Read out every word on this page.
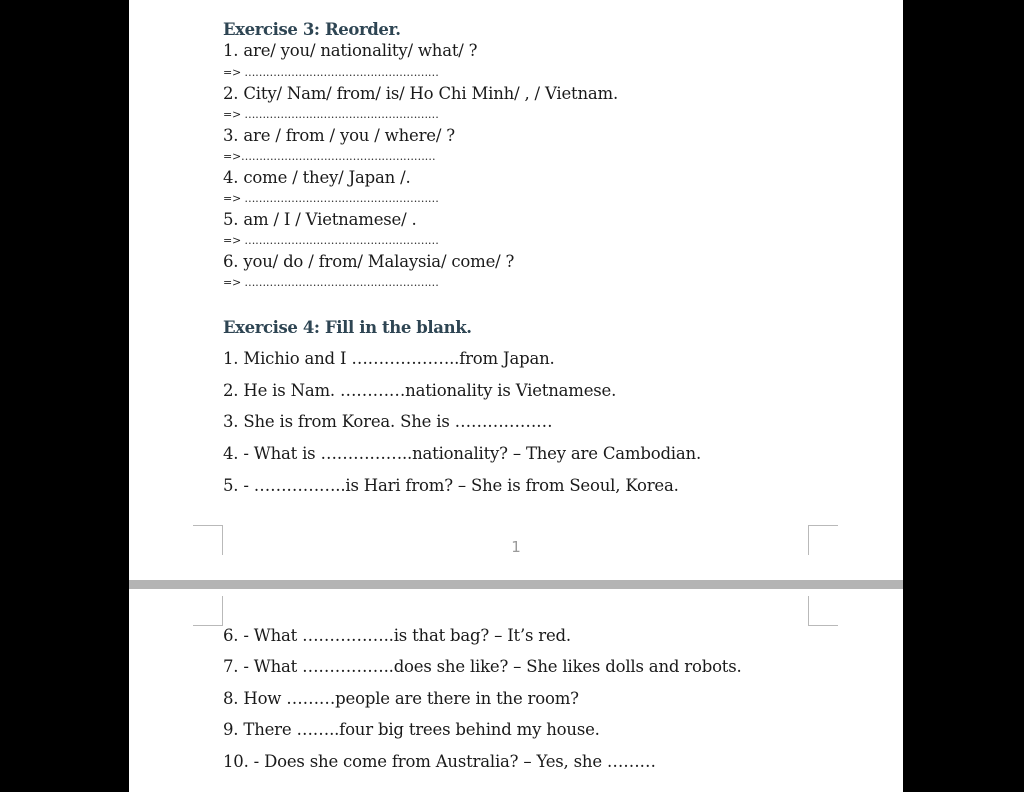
Exercise 3: Reorder.
1. are/ you/ nationality/ what/ ?
=> ………………………………………………
2. City/ Nam/ from/ is/ Ho Chi Minh/ , / Vietnam.
=> ………………………………………………
3. are / from / you / where/ ?
=>………………………………………………
4. come / they/ Japan /.
=> ………………………………………………
5. am / I / Vietnamese/ .
=> ………………………………………………
6. you/ do / from/ Malaysia/ come/ ?
=> ………………………………………………
Exercise 4: Fill in the blank.
1. Michio and I ………………..from Japan.
2. He is Nam. …………nationality is Vietnamese.
3. She is from Korea. She is ………………
4. - What is ……………..nationality? – They are Cambodian.
5. - ……………..is Hari from? – She is from Seoul, Korea.
1
6. - What ……………..is that bag? – It’s red.
7. - What ……………..does she like? – She likes dolls and robots.
8. How ………people are there in the room?
9. There ……..four big trees behind my house.
10. - Does she come from Australia? – Yes, she ………
